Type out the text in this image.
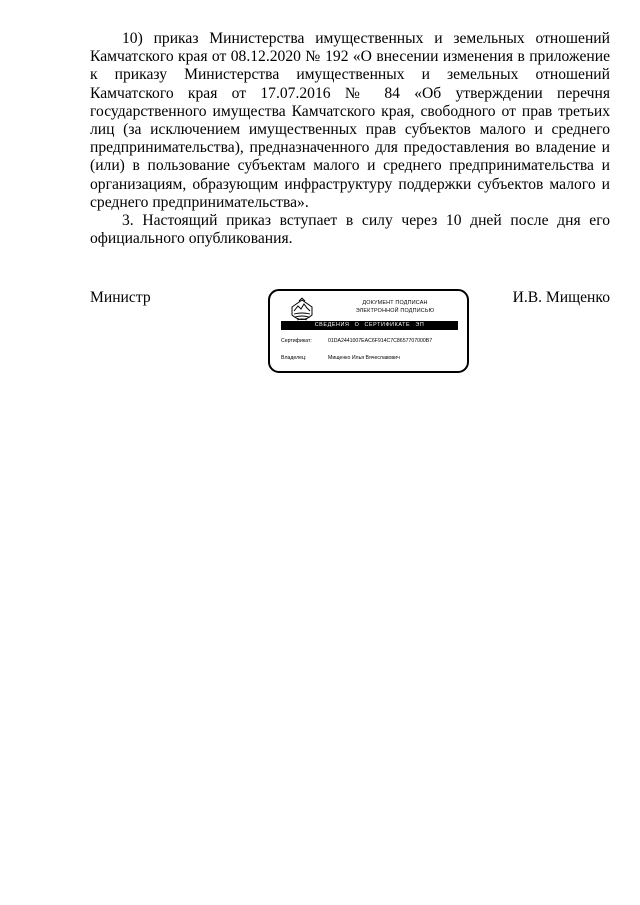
10) приказ Министерства имущественных и земельных отношений Камчатского края от 08.12.2020 № 192 «О внесении изменения в приложение к приказу Министерства имущественных и земельных отношений Камчатского края от 17.07.2016 № 84 «Об утверждении перечня государственного имущества Камчатского края, свободного от прав третьих лиц (за исключением имущественных прав субъектов малого и среднего предпринимательства), предназначенного для предоставления во владение и (или) в пользование субъектам малого и среднего предпринимательства и организациям, образующим инфраструктуру поддержки субъектов малого и среднего предпринимательства».

3. Настоящий приказ вступает в силу через 10 дней после дня его официального опубликования.

Министр	ДОКУМЕНТ ПОДПИСАН
ЭЛЕКТРОННОЙ ПОДПИСЬЮ
СВЕДЕНИЯ О СЕРТИФИКАТЕ ЭП
Сертификат:	01DA2441007EAC6F914C7C8657707000B7
Владелец:	Мищенко Илья Вячеславович
И.В. Мищенко
